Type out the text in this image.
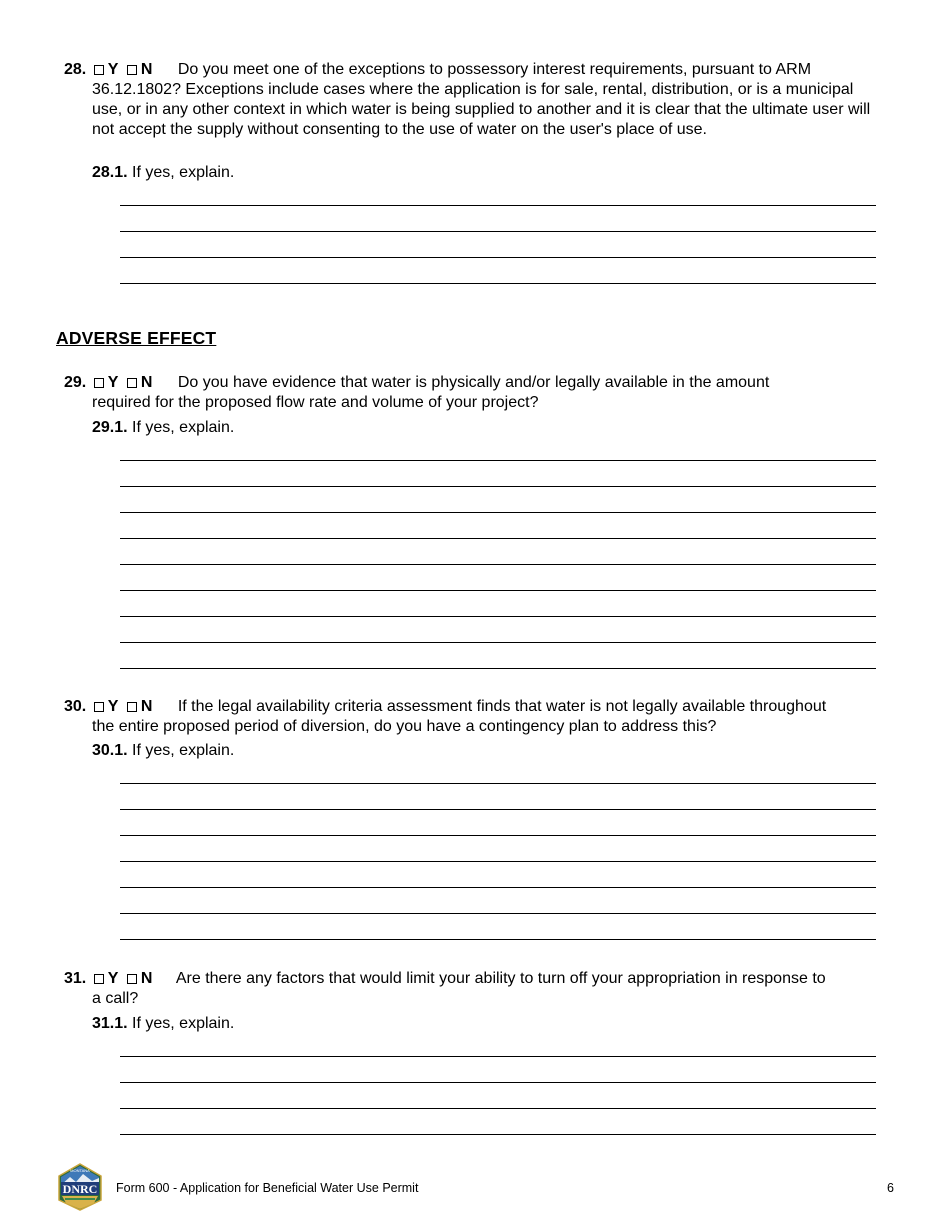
28. Y N Do you meet one of the exceptions to possessory interest requirements, pursuant to ARM
36.12.1802? Exceptions include cases where the application is for sale, rental, distribution, or is a municipal use, or in any other context in which water is being supplied to another and it is clear that the ultimate user will not accept the supply without consenting to the use of water on the user's place of use.
28.1. If yes, explain.
ADVERSE EFFECT
29. Y N Do you have evidence that water is physically and/or legally available in the amount
required for the proposed flow rate and volume of your project?
29.1. If yes, explain.
30. Y N If the legal availability criteria assessment finds that water is not legally available throughout
the entire proposed period of diversion, do you have a contingency plan to address this?
30.1. If yes, explain.
31. Y N Are there any factors that would limit your ability to turn off your appropriation in response to
a call?
31.1. If yes, explain.
DNRC
MONTANA
Form 600 - Application for Beneficial Water Use Permit	6
